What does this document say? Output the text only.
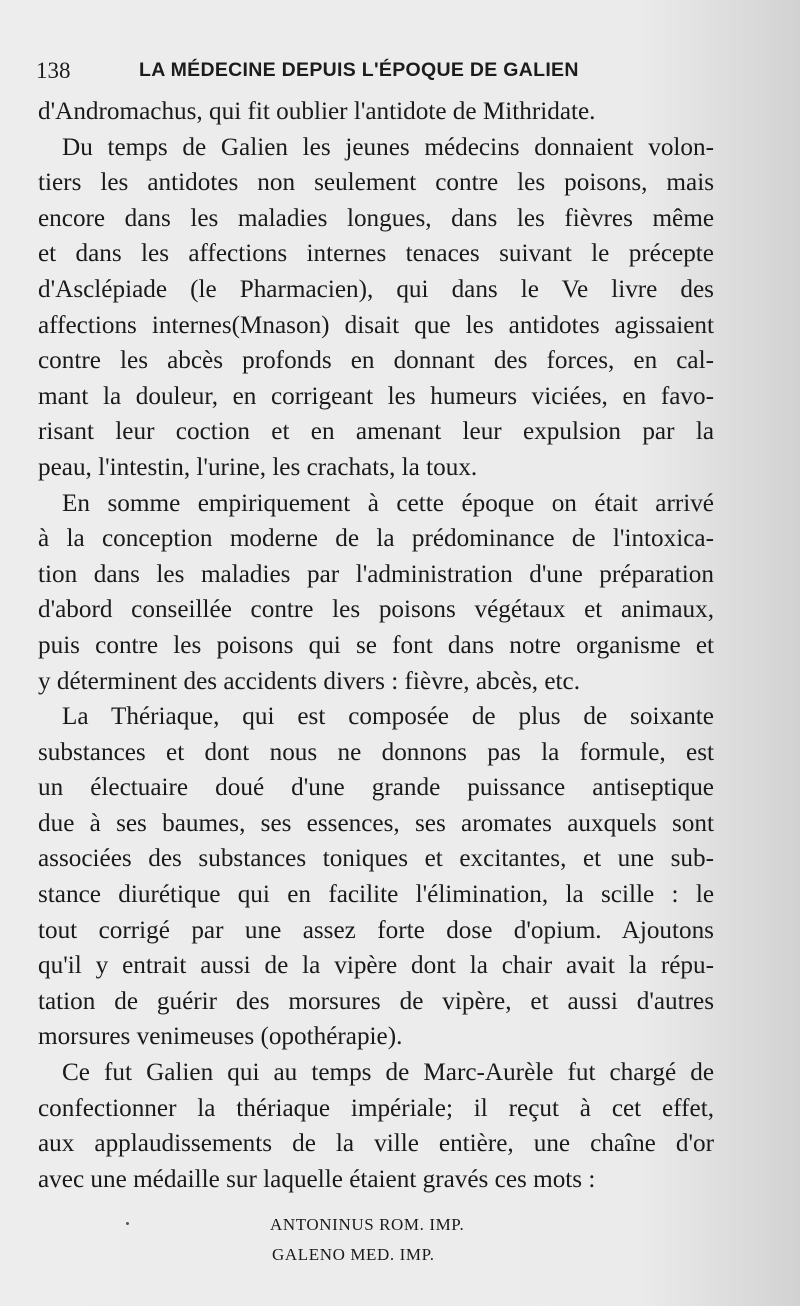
138	LA MÉDECINE DEPUIS L'ÉPOQUE DE GALIEN
d'Andromachus, qui fit oublier l'antidote de Mithridate.
Du temps de Galien les jeunes médecins donnaient volon-
tiers les antidotes non seulement contre les poisons, mais
encore dans les maladies longues, dans les fièvres même
et dans les affections internes tenaces suivant le précepte
d'Asclépiade (le Pharmacien), qui dans le Ve livre des
affections internes(Mnason) disait que les antidotes agissaient
contre les abcès profonds en donnant des forces, en cal-
mant la douleur, en corrigeant les humeurs viciées, en favo-
risant leur coction et en amenant leur expulsion par la
peau, l'intestin, l'urine, les crachats, la toux.
En somme empiriquement à cette époque on était arrivé
à la conception moderne de la prédominance de l'intoxica-
tion dans les maladies par l'administration d'une préparation
d'abord conseillée contre les poisons végétaux et animaux,
puis contre les poisons qui se font dans notre organisme et
y déterminent des accidents divers : fièvre, abcès, etc.
La Thériaque, qui est composée de plus de soixante
substances et dont nous ne donnons pas la formule, est
un électuaire doué d'une grande puissance antiseptique
due à ses baumes, ses essences, ses aromates auxquels sont
associées des substances toniques et excitantes, et une sub-
stance diurétique qui en facilite l'élimination, la scille : le
tout corrigé par une assez forte dose d'opium. Ajoutons
qu'il y entrait aussi de la vipère dont la chair avait la répu-
tation de guérir des morsures de vipère, et aussi d'autres
morsures venimeuses (opothérapie).
Ce fut Galien qui au temps de Marc-Aurèle fut chargé de
confectionner la thériaque impériale; il reçut à cet effet,
aux applaudissements de la ville entière, une chaîne d'or
avec une médaille sur laquelle étaient gravés ces mots :
ANTONINUS ROM. IMP.
GALENO MED. IMP.
